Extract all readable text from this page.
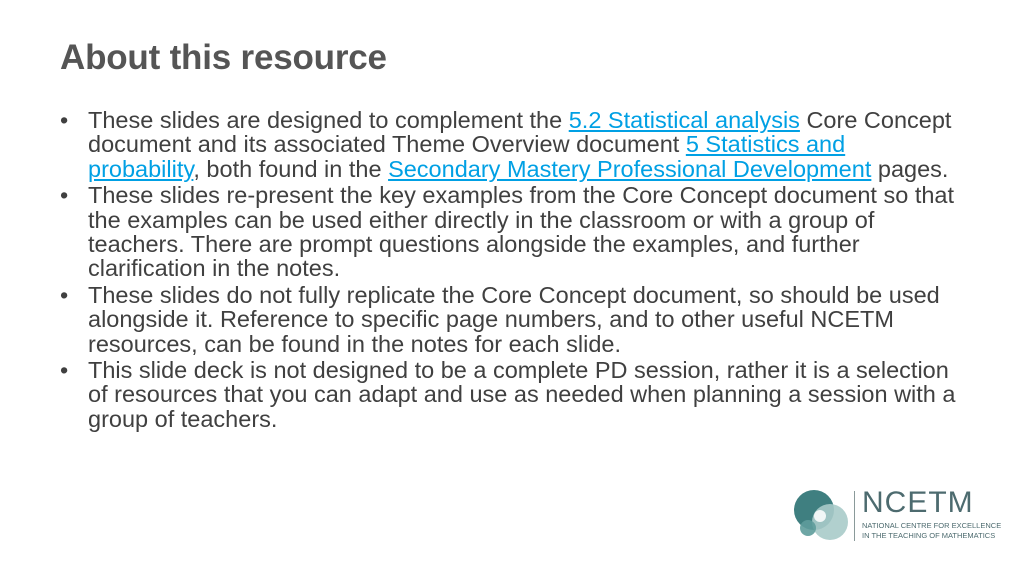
About this resource
• These slides are designed to complement the 5.2 Statistical analysis Core Concept document and its associated Theme Overview document 5 Statistics and probability, both found in the Secondary Mastery Professional Development pages.
• These slides re-present the key examples from the Core Concept document so that the examples can be used either directly in the classroom or with a group of teachers. There are prompt questions alongside the examples, and further clarification in the notes.
• These slides do not fully replicate the Core Concept document, so should be used alongside it. Reference to specific page numbers, and to other useful NCETM resources, can be found in the notes for each slide.
• This slide deck is not designed to be a complete PD session, rather it is a selection of resources that you can adapt and use as needed when planning a session with a group of teachers.
NCETM
NATIONAL CENTRE FOR EXCELLENCE
IN THE TEACHING OF MATHEMATICS
